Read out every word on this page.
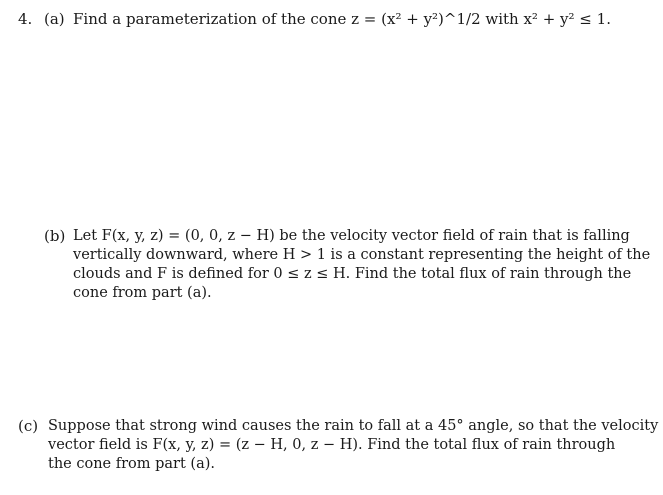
4. (a) Find a parameterization of the cone z = (x² + y²)^1/2 with x² + y² ≤ 1.
(b) Let F(x, y, z) = (0, 0, z − H) be the velocity vector field of rain that is falling
vertically downward, where H > 1 is a constant representing the height of the
clouds and F is defined for 0 ≤ z ≤ H. Find the total flux of rain through the
cone from part (a).
(c) Suppose that strong wind causes the rain to fall at a 45° angle, so that the velocity
vector field is F(x, y, z) = (z − H, 0, z − H). Find the total flux of rain through
the cone from part (a).
